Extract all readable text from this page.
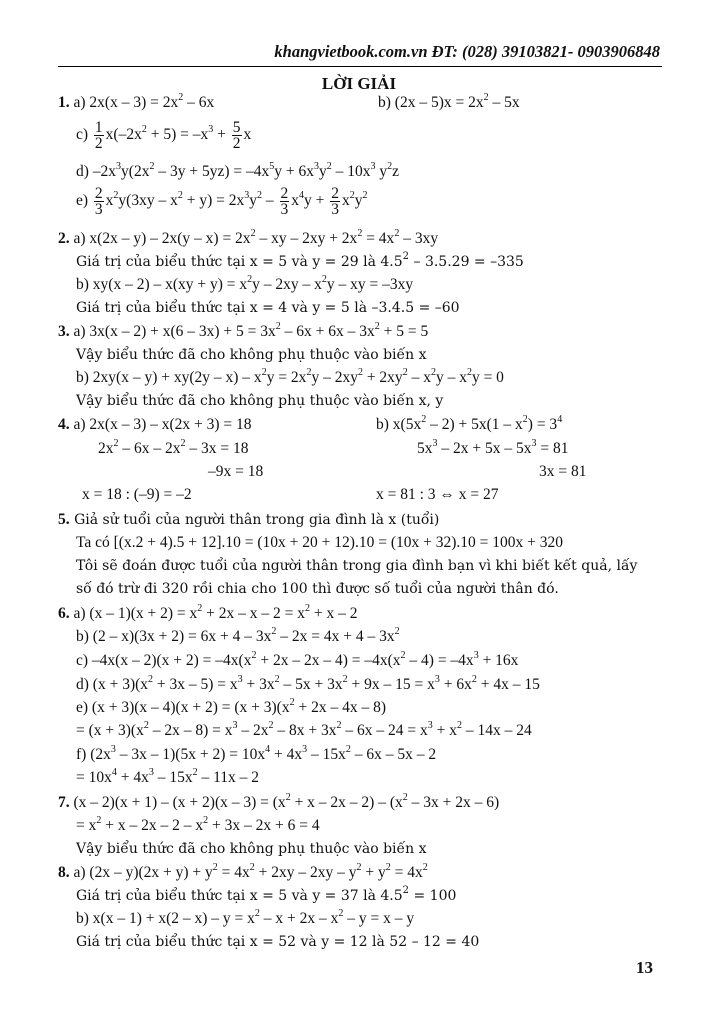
khangvietbook.com.vn ĐT: (028) 39103821- 0903906848
LỜI GIẢI
1. a) $2x(x - 3) = 2x^2 - 6x$	b) $(2x - 5)x = 2x^2 - 5x$
$c) \frac{1}{2} x(-2x^2 + 5) = -x^3 + \frac{5}{2}$ x
d) $-2x^3y(2x^2 - 3y + 5yz) = -4x^5y + 6x^3y^2 - 10x^3$ $y^2z$
$e) \frac{2}{3} x^2y(3xy - x^2 + y) = 2x^3y^2 - \frac{2}{3} x^4y + \frac{2}{3} x^2y^2$
2. a) $x(2x - y) - 2x(y - x) = 2x^2$ – xy – $2xy + 2x^2 = 4x^2 - 3xy$
Giá trị của biểu thức tại x = 5 và y = 29 là $4.5^2 - 3.5.29 = -335$
b) $xy(x - 2) - x(xy + y) = x^2y - 2xy - x^2y$ – xy = –3xy
Giá trị của biểu thức tại x = 4 và y = 5 là –3.4.5 = –60
3. a) $3x(x - 2) + x(6 - 3x) + 5 = 3x^2 - 6x + 6x - 3x^2 + 5 = 5$
Vậy biểu thức đã cho không phụ thuộc vào biến x
b) $2xy(x - y) + xy(2y - x) - x^2y = 2x^2y - 2xy^2 + 2xy^2 - x^2y - x^2y = 0$
Vậy biểu thức đã cho không phụ thuộc vào biến x, y
4. a) 2x(x – 3) – x(2x + 3) = 18
$2x^2 - 6x - 2x^2 - 3x = 18$
–9x = 18
x = 18 : (–9) = –2
b) $x(5x^2 - 2) + 5x(1 - x^2) = 3^4$
$5x^3 - 2x + 5x - 5x^3 = 81$
3x = 81
x = 81 : 3 ⇔ x = 27
5. Giả sử tuổi của người thân trong gia đình là x (tuổi)
Ta có [(x.2 + 4).5 + 12].10 = (10x + 20 + 12).10 = (10x + 32).10 = 100x + 320
Tôi sẽ đoán được tuổi của người thân trong gia đình bạn vì khi biết kết quả, lấy
số đó trừ đi 320 rồi chia cho 100 thì được số tuổi của người thân đó.
6. a) $(x - 1)(x + 2) = x^2 + 2x - x - 2 = x^2 + x - 2$
b) $(2 - x)(3x + 2) = 6x + 4 - 3x^2 - 2x = 4x + 4 - 3x^2$
c) $-4x(x - 2)(x + 2) = -4x(x^2 + 2x - 2x - 4) = -4x(x^2 - 4) = -4x^3 + 16x$
d) $(x + 3)(x^2 + 3x - 5) = x^3 + 3x^2 - 5x + 3x^2 + 9x - 15 = x^3 + 6x^2 + 4x - 15$
e) $(x + 3)(x - 4)(x + 2) = (x + 3)(x^2 + 2x - 4x - 8)$
= $(x + 3)(x^2 - 2x - 8) = x^3 - 2x^2 - 8x + 3x^2 - 6x - 24 = x^3 + x^2 - 14x - 24$
f) $(2x^3 - 3x - 1)(5x + 2) = 10x^4 + 4x^3 - 15x^2 - 6x - 5x - 2$
= $10x^4 + 4x^3 - 15x^2 - 11x - 2$
7. $(x - 2)(x + 1) - (x + 2)(x - 3) = (x^2 + x - 2x - 2) - (x^2 - 3x + 2x - 6)$
= $x^2 + x - 2x - 2 - x^2 + 3x - 2x + 6 = 4$
Vậy biểu thức đã cho không phụ thuộc vào biến x
8. a) $(2x - y)(2x + y) + y^2 = 4x^2 + 2xy - 2xy - y^2 + y^2 = 4x^2$
Giá trị của biểu thức tại x = 5 và y = 37 là $4.5^2 = 100$
b) $x(x - 1) + x(2 - x) - y = x^2 - x + 2x - x^2 - y = x - y$
Giá trị của biểu thức tại x = 52 và y = 12 là 52 – 12 = 40
13
